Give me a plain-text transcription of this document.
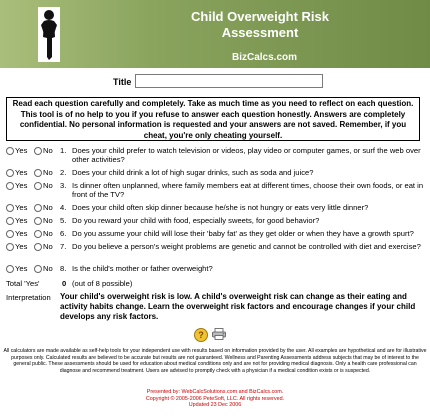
Child Overweight Risk Assessment
BizCalcs.com
Title
Read each question carefully and completely. Take as much time as you need to reflect on each question. This tool is of no help to you if you refuse to answer each question honestly. Answers are completely confidential. No personal information is requested and your answers are not saved. Remember, if you cheat, you're only cheating yourself.
Yes No 1. Does your child prefer to watch television or videos, play video or computer games, or surf the web over other activities?
Yes No 2. Does your child drink a lot of high sugar drinks, such as soda and juice?
Yes No 3. Is dinner often unplanned, where family members eat at different times, choose their own foods, or eat in front of the TV?
Yes No 4. Does your child often skip dinner because he/she is not hungry or eats very little dinner?
Yes No 5. Do you reward your child with food, especially sweets, for good behavior?
Yes No 6. Do you assume your child will lose their 'baby fat' as they get older or when they have a growth spurt?
Yes No 7. Do you believe a person's weight problems are genetic and cannot be controlled with diet and exercise?
Yes No 8. Is the child's mother or father overweight?
Total 'Yes'	0 (out of 8 possible)
Interpretation Your child's overweight risk is low. A child's overweight risk can change as their eating and activity habits change. Learn the overweight risk factors and encourage changes if your child develops any risk factors.
?
All calculators are made available as self-help tools for your independent use with results based on information provided by the user. All examples are hypothetical and are for illustrative purposes only. Calculated results are believed to be accurate but results are not guaranteed. Wellness and Parenting Assessments address subjects that may be of interest to the general public. These assessments should be used for education about medical conditions only and are not for providing medical diagnosis. Only a health care professional can diagnose and recommend treatment. Users are advised to promptly check with a physician if a medical condition exists or is suspected.
Presented by: WebCalcSolutions.com and BizCalcs.com.
Copyright © 2005-2006 PeteSoft, LLC. All rights reserved.
Updated 23 Dec 2006
